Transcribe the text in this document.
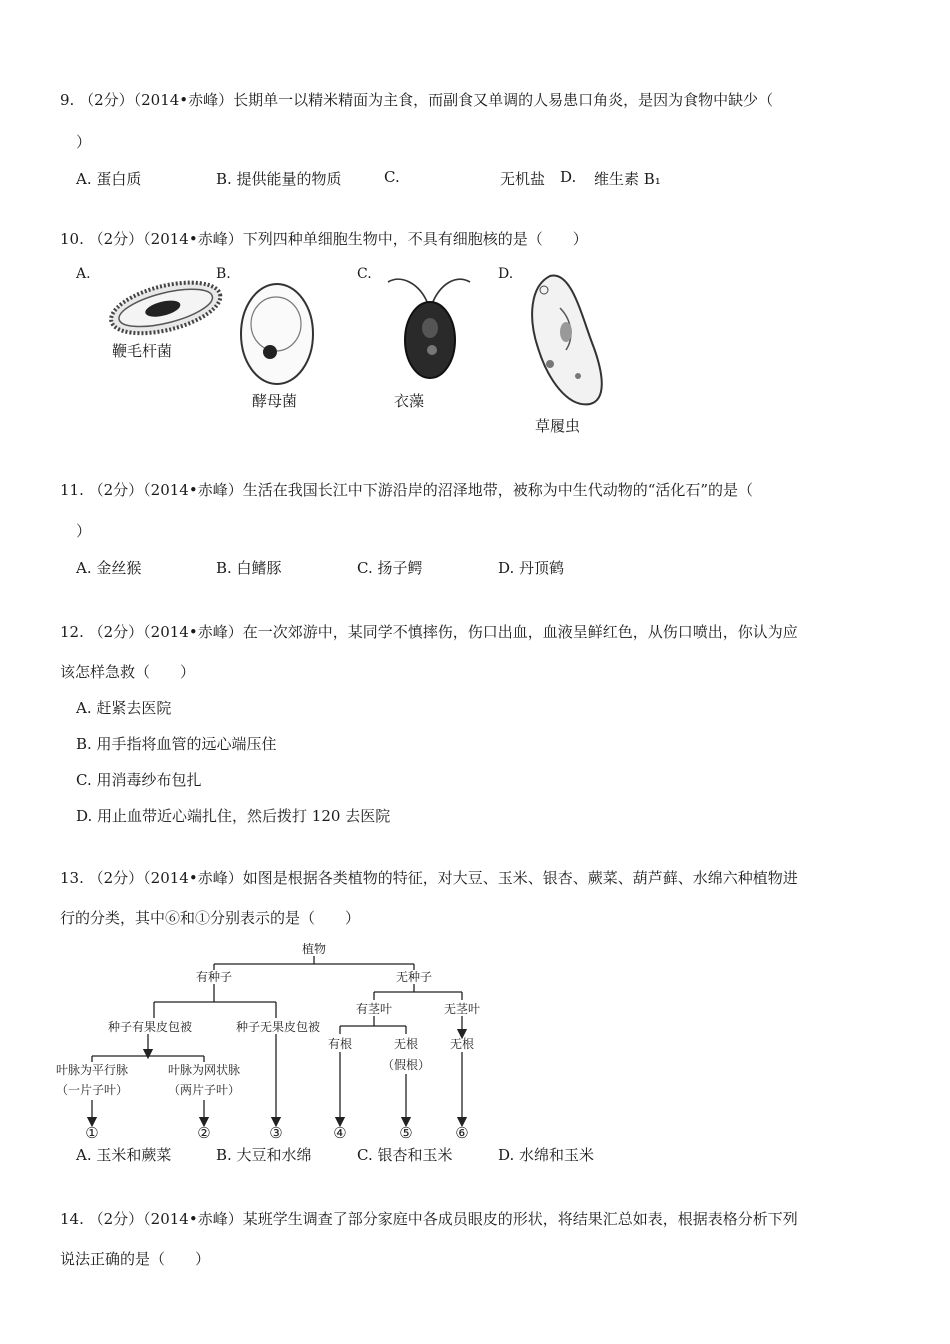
9. （2分）（2014•赤峰）长期单一以精米精面为主食，而副食又单调的人易患口角炎，是因为食物中缺少（
）
A. 蛋白质	B. 提供能量的物质	C.	无机盐 D. 维生素 B₁
10. （2分）（2014•赤峰）下列四种单细胞生物中，不具有细胞核的是（　　）
A.	B.	C.	D.
鞭毛杆菌
酵母菌	衣藻
草履虫
11. （2分）（2014•赤峰）生活在我国长江中下游沿岸的沼泽地带，被称为中生代动物的“活化石”的是（
）
A. 金丝猴	B. 白鳍豚	C. 扬子鳄	D. 丹顶鹤
12. （2分）（2014•赤峰）在一次郊游中，某同学不慎摔伤，伤口出血，血液呈鲜红色，从伤口喷出，你认为应
该怎样急救（　　）
A. 赶紧去医院
B. 用手指将血管的远心端压住
C. 用消毒纱布包扎
D. 用止血带近心端扎住，然后拨打 120 去医院
13. （2分）（2014•赤峰）如图是根据各类植物的特征，对大豆、玉米、银杏、蕨菜、葫芦藓、水绵六种植物进
行的分类，其中⑥和①分别表示的是（　　）
植物
有种子	无种子
种子有果皮包被	种子无果皮包被
叶脉为平行脉
（一片子叶）
叶脉为网状脉
（两片子叶）
有茎叶	无茎叶
有根	无根
（假根）
无根
①	②	③	④	⑤	⑥
A. 玉米和蕨菜	B. 大豆和水绵	C. 银杏和玉米	D. 水绵和玉米
14. （2分）（2014•赤峰）某班学生调查了部分家庭中各成员眼皮的形状，将结果汇总如表，根据表格分析下列
说法正确的是（　　）
